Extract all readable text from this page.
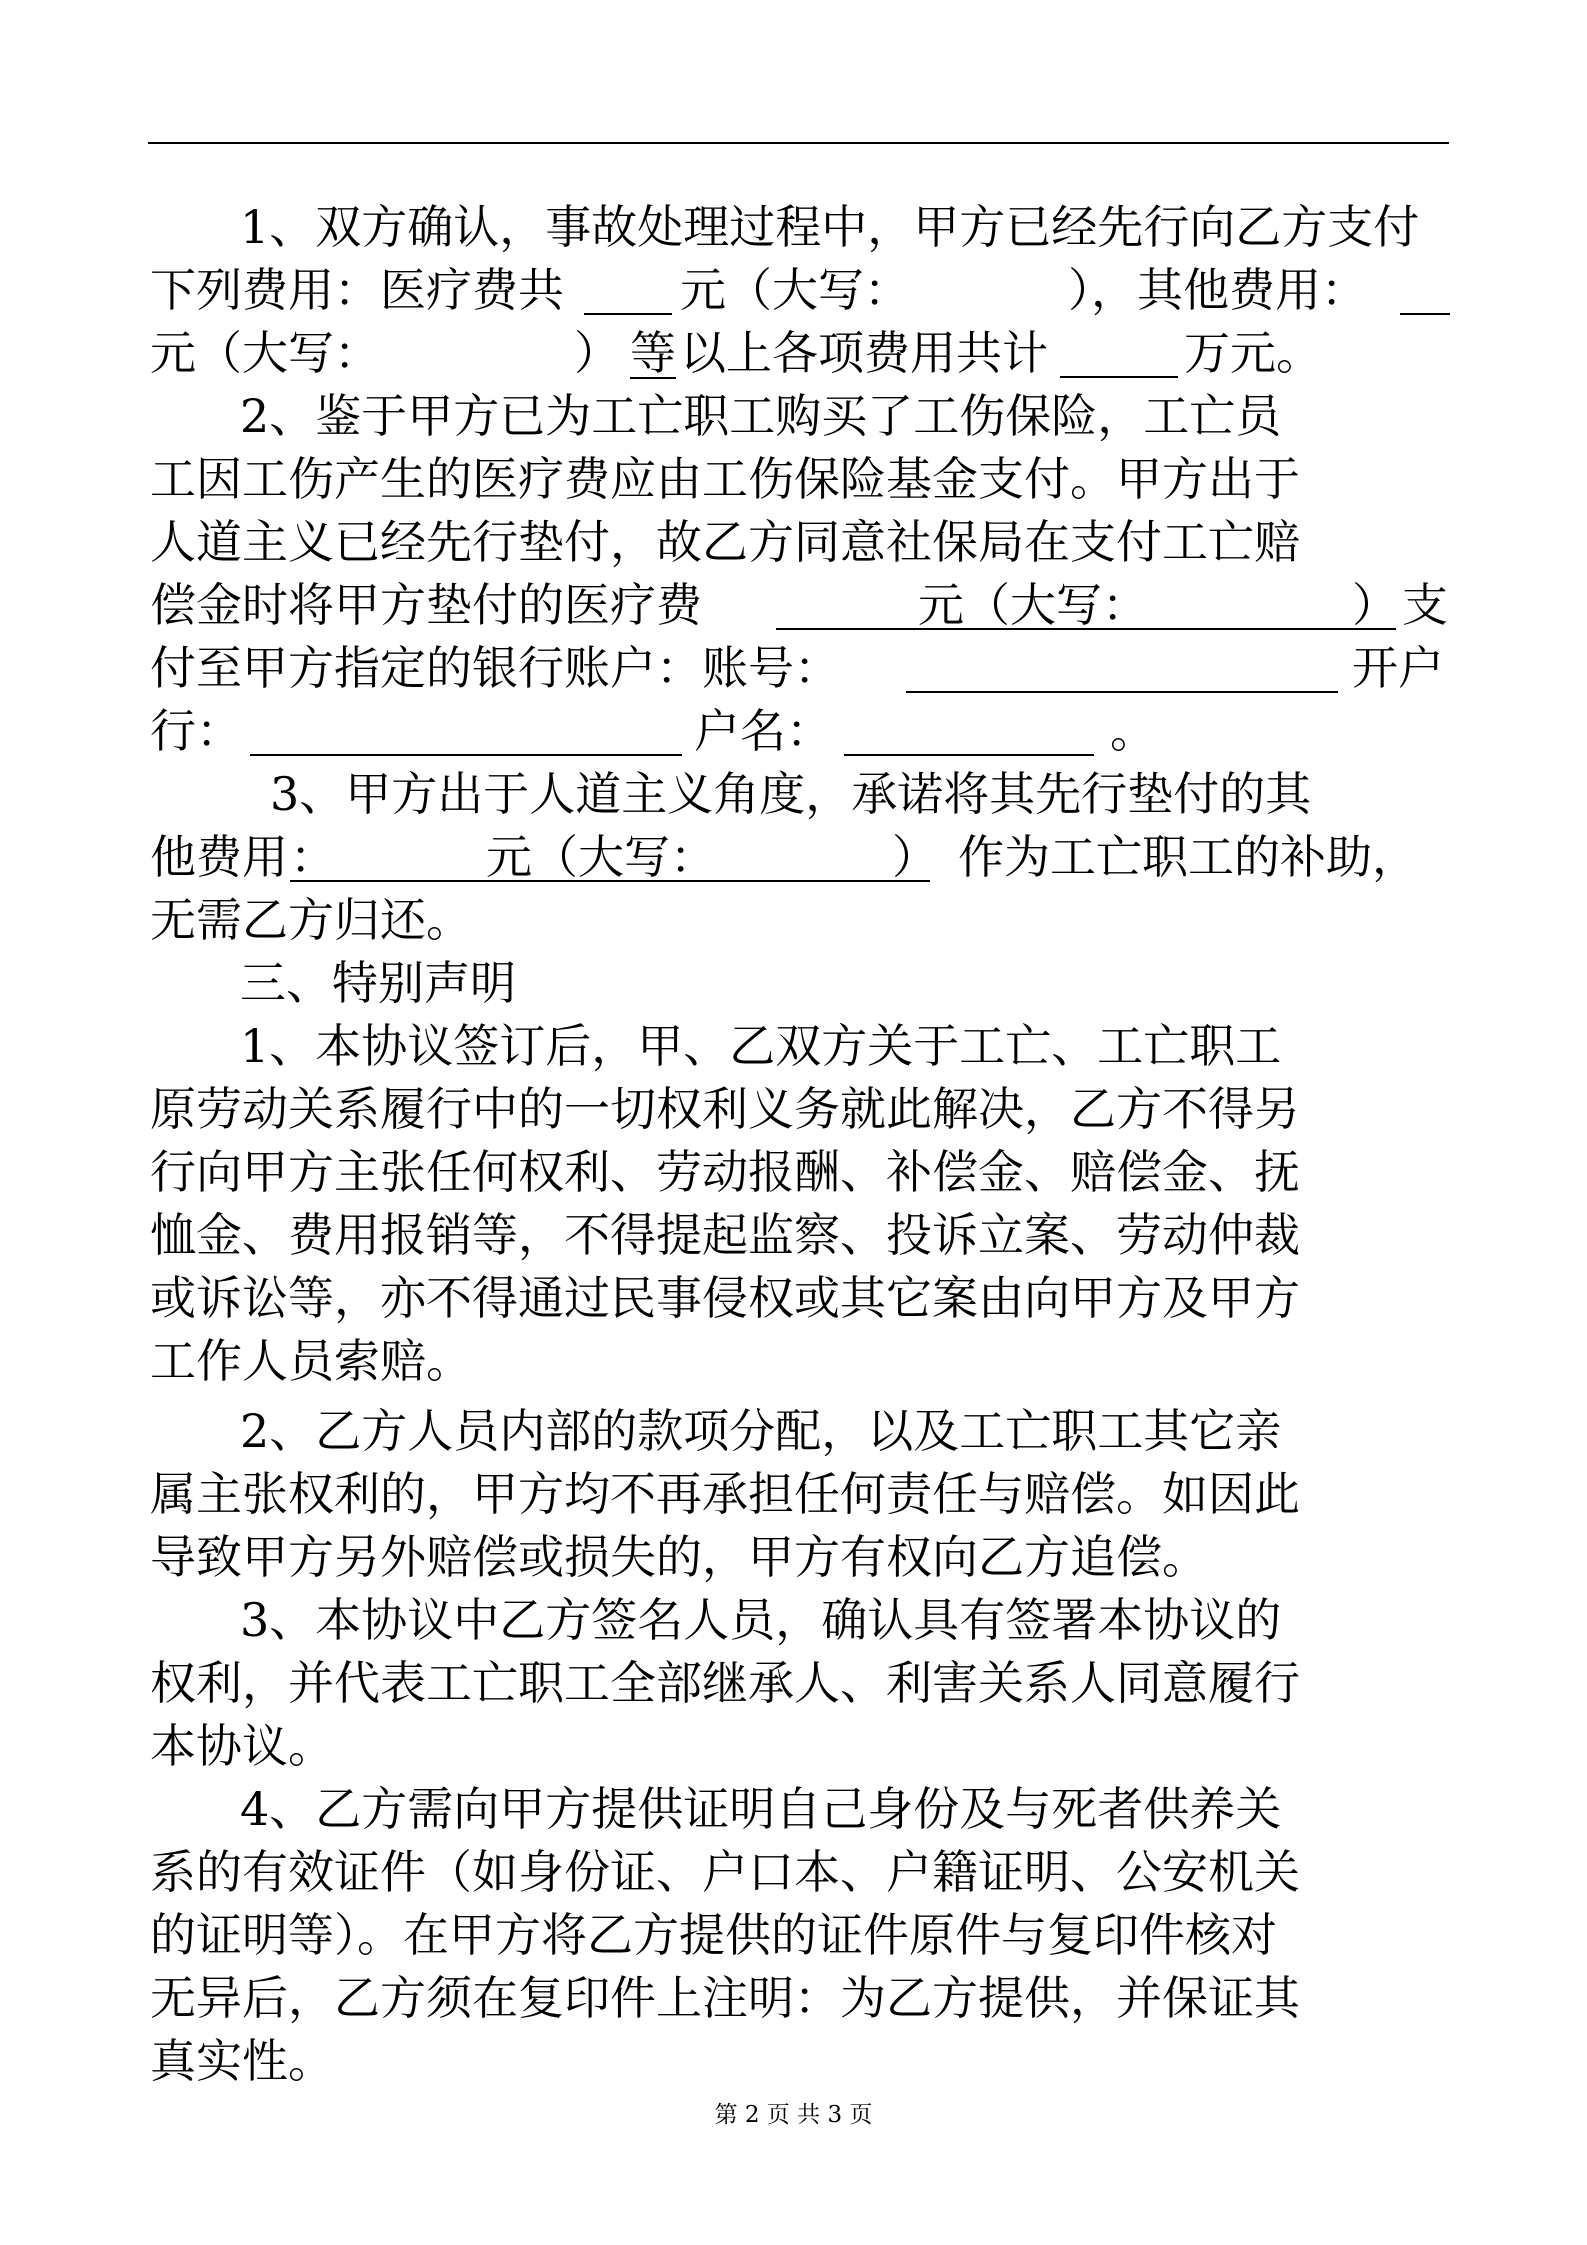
1、双方确认，事故处理过程中，甲方已经先行向乙方支付
下列费用：医疗费共	元（大写：	），其他费用：
元（大写：	） 等 以上各项费用共计	万元。
2、鉴于甲方已为工亡职工购买了工伤保险，工亡员
工因工伤产生的医疗费应由工伤保险基金支付。甲方出于
人道主义已经先行垫付，故乙方同意社保局在支付工亡赔
偿金时将甲方垫付的医疗费	元（大写：	） 支
付至甲方指定的银行账户：账号：	开户
行：	户名：	。
3、甲方出于人道主义角度，承诺将其先行垫付的其
他费用 ：	元（大写：	） 作为工亡职工的补助，
无需乙方归还。
三、特别声明
1、本协议签订后，甲、乙双方关于工亡、工亡职工
原劳动关系履行中的一切权利义务就此解决，乙方不得另
行向甲方主张任何权利、劳动报酬、补偿金、赔偿金、抚
恤金、费用报销等，不得提起监察、投诉立案、劳动仲裁
或诉讼等，亦不得通过民事侵权或其它案由向甲方及甲方
工作人员索赔。
2、乙方人员内部的款项分配，以及工亡职工其它亲
属主张权利的，甲方均不再承担任何责任与赔偿。如因此
导致甲方另外赔偿或损失的，甲方有权向乙方追偿。
3、本协议中乙方签名人员，确认具有签署本协议的
权利，并代表工亡职工全部继承人、利害关系人同意履行
本协议。
4、乙方需向甲方提供证明自己身份及与死者供养关
系的有效证件（如身份证、户口本、户籍证明、公安机关
的证明等）。在甲方将乙方提供的证件原件与复印件核对
无异后，乙方须在复印件上注明：为乙方提供，并保证其
真实性。
第 2 页 共 3 页
